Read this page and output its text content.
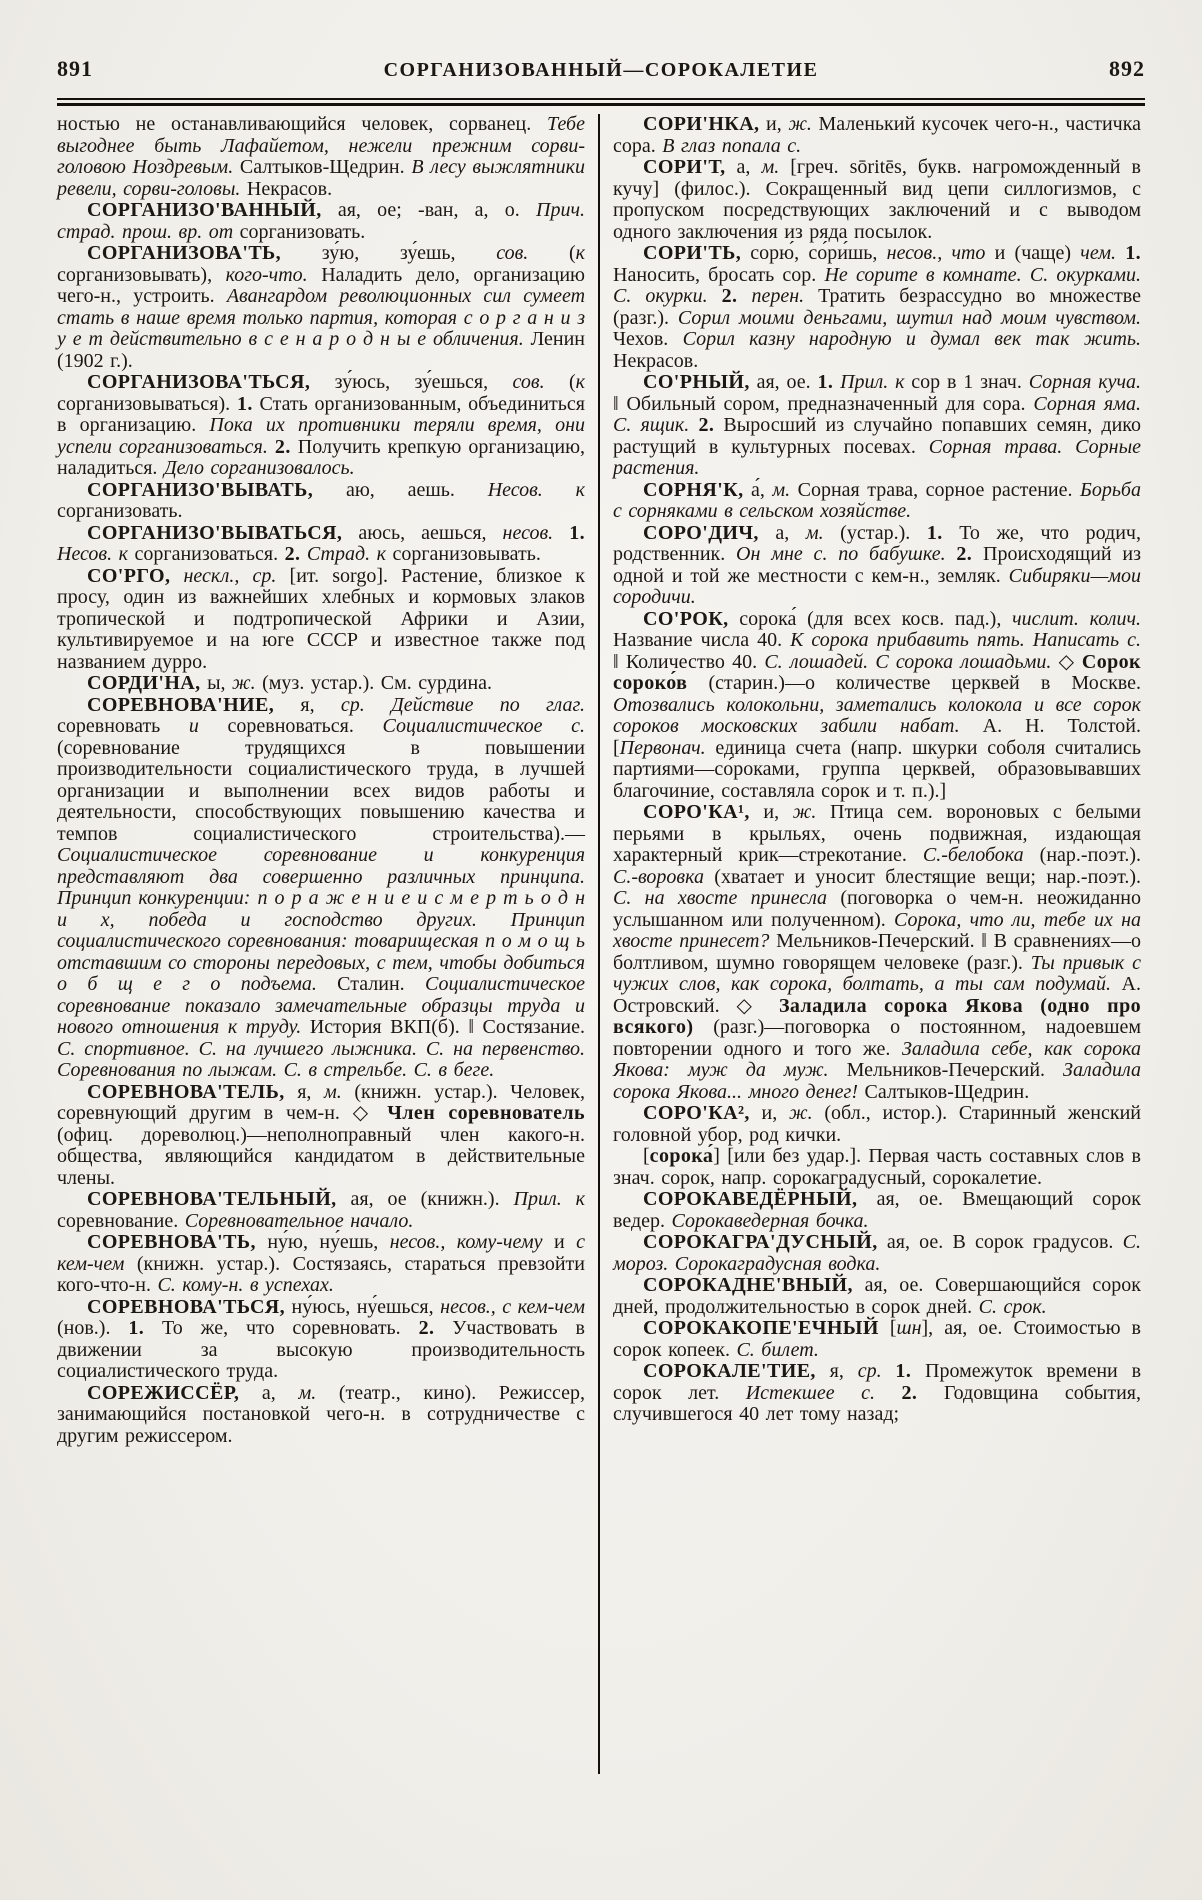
891	СОРГАНИЗОВАННЫЙ—СОРОКАЛЕТИЕ	892

ностью не останавливающийся человек, сорванец. Тебе выгоднее быть Лафайетом, нежели прежним сорви-головою Ноздревым. Салтыков-Щедрин. В лесу выжлятники ревели, сорви-головы. Некрасов.

СОРГАНИЗО'ВАННЫЙ, ая, ое; -ван, а, о. Прич. страд. прош. вр. от сорганизовать.

СОРГАНИЗОВА'ТЬ, зу́ю, зу́ешь, сов. (к сорганизовывать), кого-что. Наладить дело, организацию чего-н., устроить. Авангардом революционных сил сумеет стать в наше время только партия, которая с о р г а н и з у е т действительно в с е н а р о д н ы е обличения. Ленин (1902 г.).

СОРГАНИЗОВА'ТЬСЯ, зу́юсь, зу́ешься, сов. (к сорганизовываться). 1. Стать организованным, объединиться в организацию. Пока их противники теряли время, они успели сорганизоваться. 2. Получить крепкую организацию, наладиться. Дело сорганизовалось.

СОРГАНИЗО'ВЫВАТЬ, аю, аешь. Несов. к сорганизовать.

СОРГАНИЗО'ВЫВАТЬСЯ, аюсь, аешься, несов. 1. Несов. к сорганизоваться. 2. Страд. к сорганизовывать.

СО'РГО, нескл., ср. [ит. sorgo]. Растение, близкое к просу, один из важнейших хлебных и кормовых злаков тропической и подтропической Африки и Азии, культивируемое и на юге СССР и известное также под названием дурро.

СОРДИ'НА, ы, ж. (муз. устар.). См. сурдина.

СОРЕВНОВА'НИЕ, я, ср. Действие по глаг. соревновать и соревноваться. Социалистическое с. (соревнование трудящихся в повышении производительности социалистического труда, в лучшей организации и выполнении всех видов работы и деятельности, способствующих повышению качества и темпов социалистического строительства).—Социалистическое соревнование и конкуренция представляют два совершенно различных принципа. Принцип конкуренции: п о р а ж е н и е и с м е р т ь о д н и х, победа и господство других. Принцип социалистического соревнования: товарищеская п о м о щ ь отставшим со стороны передовых, с тем, чтобы добиться о б щ е г о подъема. Сталин. Социалистическое соревнование показало замечательные образцы труда и нового отношения к труду. История ВКП(б). ‖ Состязание. С. спортивное. С. на лучшего лыжника. С. на первенство. Соревнования по лыжам. С. в стрельбе. С. в беге.

СОРЕВНОВА'ТЕЛЬ, я, м. (книжн. устар.). Человек, соревнующий другим в чем-н. ◇ Член соревнователь (офиц. дореволюц.)—неполноправный член какого-н. общества, являющийся кандидатом в действительные члены.

СОРЕВНОВА'ТЕЛЬНЫЙ, ая, ое (книжн.). Прил. к соревнование. Соревновательное начало.

СОРЕВНОВА'ТЬ, ну́ю, ну́ешь, несов., кому-чему и с кем-чем (книжн. устар.). Состязаясь, стараться превзойти кого-что-н. С. кому-н. в успехах.

СОРЕВНОВА'ТЬСЯ, ну́юсь, ну́ешься, несов., с кем-чем (нов.). 1. То же, что соревновать. 2. Участвовать в движении за высокую производительность социалистического труда.

СОРЕЖИССЁР, а, м. (театр., кино). Режиссер, занимающийся постановкой чего-н. в сотрудничестве с другим режиссером.

СОРИ'НКА, и, ж. Маленький кусочек чего-н., частичка сора. В глаз попала с.

СОРИ'Т, а, м. [греч. sōritēs, букв. нагроможденный в кучу] (филос.). Сокращенный вид цепи силлогизмов, с пропуском посредствующих заключений и с выводом одного заключения из ряда посылок.

СОРИ'ТЬ, сорю́, со́ри́шь, несов., что и (чаще) чем. 1. Наносить, бросать сор. Не сорите в комнате. С. окурками. С. окурки. 2. перен. Тратить безрассудно во множестве (разг.). Сорил моими деньгами, шутил над моим чувством. Чехов. Сорил казну народную и думал век так жить. Некрасов.

СО'РНЫЙ, ая, ое. 1. Прил. к сор в 1 знач. Сорная куча. ‖ Обильный сором, предназначенный для сора. Сорная яма. С. ящик. 2. Выросший из случайно попавших семян, дико растущий в культурных посевах. Сорная трава. Сорные растения.

СОРНЯ'К, а́, м. Сорная трава, сорное растение. Борьба с сорняками в сельском хозяйстве.

СОРО'ДИЧ, а, м. (устар.). 1. То же, что родич, родственник. Он мне с. по бабушке. 2. Происходящий из одной и той же местности с кем-н., земляк. Сибиряки—мои сородичи.

СО'РОК, сорока́ (для всех косв. пад.), числит. колич. Название числа 40. К сорока прибавить пять. Написать с. ‖ Количество 40. С. лошадей. С сорока лошадьми. ◇ Сорок сороко́в (старин.)—о количестве церквей в Москве. Отозвались колокольни, заметались колокола и все сорок сороков московских забили набат. А. Н. Толстой. [Первонач. единица счета (напр. шкурки соболя считались партиями—со́роками, группа церквей, образовывавших благочиние, составляла со́рок и т. п.).]

СОРО'КА¹, и, ж. Птица сем. вороновых с белыми перьями в крыльях, очень подвижная, издающая характерный крик—стрекотание. С.-белобока (нар.-поэт.). С.-воровка (хватает и уносит блестящие вещи; нар.-поэт.). С. на хвосте принесла (поговорка о чем-н. неожиданно услышанном или полученном). Сорока, что ли, тебе их на хвосте принесет? Мельников-Печерский. ‖ В сравнениях—о болтливом, шумно говорящем человеке (разг.). Ты привык с чужих слов, как сорока, болтать, а ты сам подумай. А. Островский. ◇ Заладила сорока Якова (одно про всякого) (разг.)—поговорка о постоянном, надоевшем повторении одного и того же. Заладила себе, как сорока Якова: муж да муж. Мельников-Печерский. Заладила сорока Якова... много денег! Салтыков-Щедрин.

СОРО'КА², и, ж. (обл., истор.). Старинный женский головной убор, род кички.

[сорока́] [или без удар.]. Первая часть составных слов в знач. сорок, напр. сорокаградусный, сорокалетие.

СОРОКАВЕДЁРНЫЙ, ая, ое. Вмещающий сорок ведер. Сорокаведерная бочка.

СОРОКАГРА'ДУСНЫЙ, ая, ое. В сорок градусов. С. мороз. Сорокаградусная водка.

СОРОКАДНЕ'ВНЫЙ, ая, ое. Совершающийся сорок дней, продолжительностью в сорок дней. С. срок.

СОРОКАКОПЕ'ЕЧНЫЙ [шн], ая, ое. Стоимостью в сорок копеек. С. билет.

СОРОКАЛЕ'ТИЕ, я, ср. 1. Промежуток времени в сорок лет. Истекшее с. 2. Годовщина события, случившегося 40 лет тому назад;
